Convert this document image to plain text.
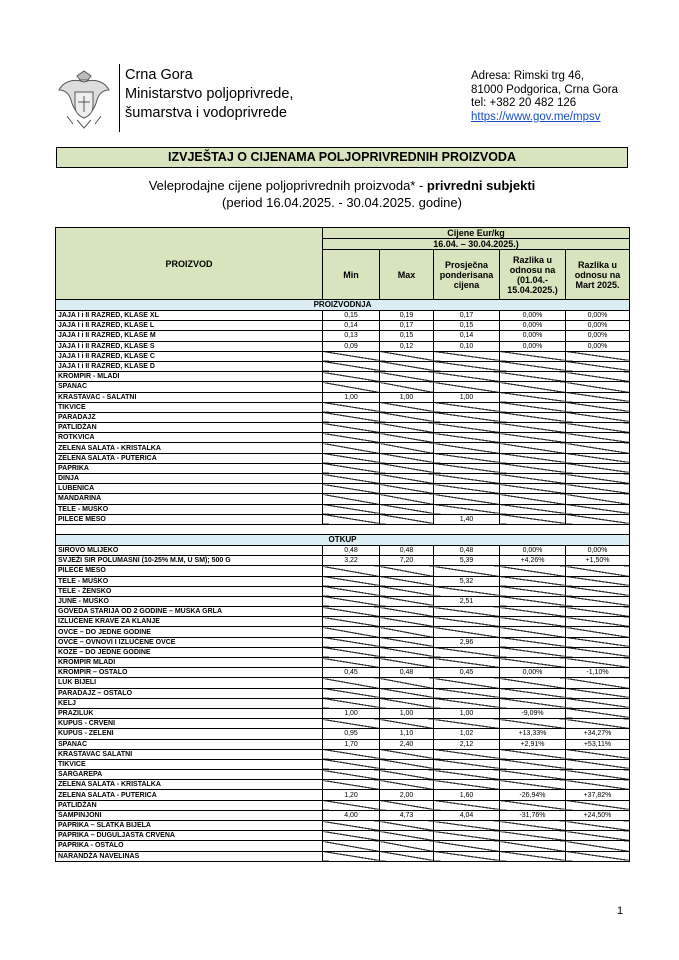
Crna Gora
Ministarstvo poljoprivrede,
šumarstva i vodoprivrede
Adresa: Rimski trg 46,
81000 Podgorica, Crna Gora
tel: +382 20 482 126
https://www.gov.me/mpsv
IZVJEŠTAJ O CIJENAMA POLJOPRIVREDNIH PROIZVODA
Veleprodajne cijene poljoprivrednih proizvoda* - privredni subjekti
(period 16.04.2025. - 30.04.2025. godine)
PROIZVOD	Cijene Eur/kg				
	16.04. – 30.04.2025.)				
	Min	Max	Prosječna ponderisana cijena	Razlika u odnosu na (01.04.- 15.04.2025.)	Razlika u odnosu na Mart 2025.
PROIZVODNJA					
JAJA I i II RAZRED, KLASE XL	0,15	0,19	0,17	0,00%	0,00%
JAJA I i II RAZRED, KLASE L	0,14	0,17	0,15	0,00%	0,00%
JAJA I i II RAZRED, KLASE M	0,13	0,15	0,14	0,00%	0,00%
JAJA I i II RAZRED, KLASE S	0,09	0,12	0,10	0,00%	0,00%
JAJA I i II RAZRED, KLASE C					
JAJA I i II RAZRED, KLASE D					
KROMPIR - MLADI					
SPANAĆ					
KRASTAVAC - SALATNI	1,00	1,00	1,00		
TIKVICE					
PARADAJZ					
PATLIDŽAN					
ROTKVICA					
ZELENA SALATA - KRISTALKA					
ZELENA SALATA - PUTERICA					
PAPRIKA					
DINJA					
LUBENICA					
MANDARINA					
TELE - MUŠKO					
PILEĆE MESO			1,40		

OTKUP					
SIROVO MLIJEKO	0,48	0,48	0,48	0,00%	0,00%
SVJEŽI SIR POLUMASNI (10-25% M.M, U SM); 500 G	3,22	7,20	5,39	+4,26%	+1,50%
PILEĆE MESO					
TELE - MUŠKO			5,32		
TELE - ŽENSKO					
JUNE - MUŠKO			2,51		
GOVEDA STARIJA OD 2 GODINE – MUŠKA GRLA					
IZLUČENE KRAVE ZA KLANJE					
OVCE – DO JEDNE GODINE					
OVCE – OVNOVI I IZLUČENE OVCE			2,96		
KOZE – DO JEDNE GODINE					
KROMPIR MLADI					
KROMPIR – OSTALO	0,45	0,48	0,45	0,00%	-1,10%
LUK BIJELI					
PARADAJZ – OSTALO					
KELJ					
PRAZILUK	1,00	1,00	1,00	-9,09%	
KUPUS - CRVENI					
KUPUS - ZELENI	0,95	1,10	1,02	+13,33%	+34,27%
SPANAĆ	1,70	2,40	2,12	+2,91%	+53,11%
KRASTAVAC SALATNI					
TIKVICE					
ŠARGAREPA					
ZELENA SALATA - KRISTALKA					
ZELENA SALATA - PUTERICA	1,20	2,00	1,60	-26,94%	+37,82%
PATLIDŽAN					
ŠAMPINJONI	4,00	4,73	4,04	-31,76%	+24,50%
PAPRIKA – SLATKA BIJELA					
PAPRIKA – DUGULJASTA CRVENA					
PAPRIKA - OSTALO					
NARANDŽA NAVELINAS					
1
